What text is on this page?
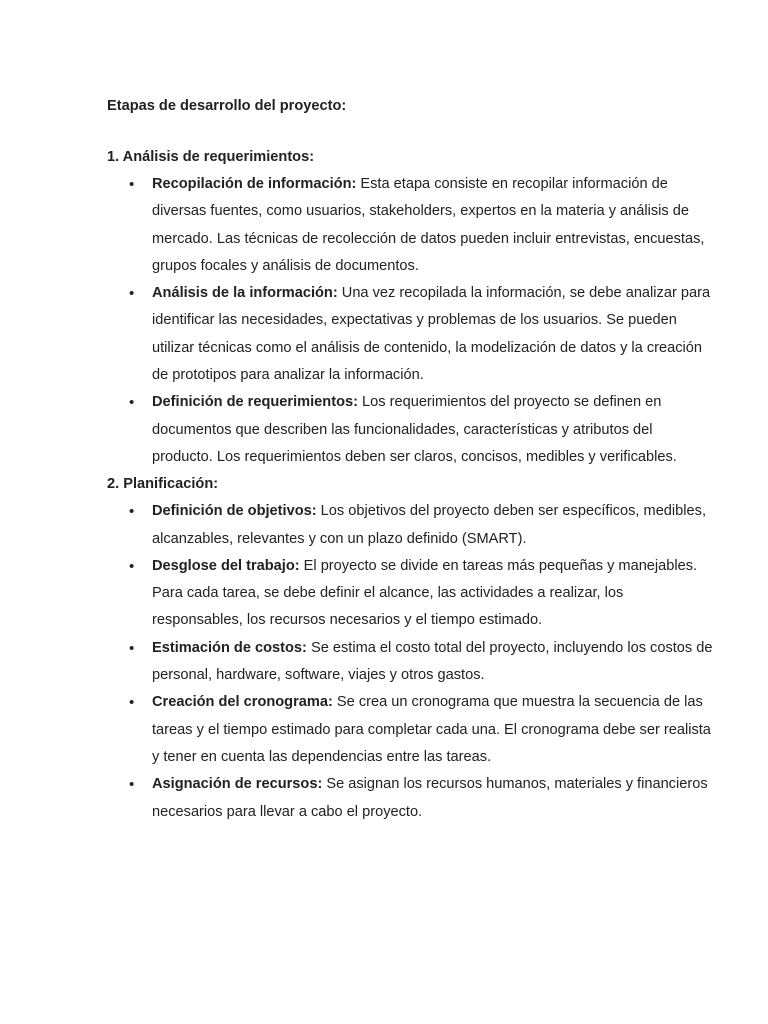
Etapas de desarrollo del proyecto:

1. Análisis de requerimientos:

• Recopilación de información: Esta etapa consiste en recopilar información de diversas fuentes, como usuarios, stakeholders, expertos en la materia y análisis de mercado. Las técnicas de recolección de datos pueden incluir entrevistas, encuestas, grupos focales y análisis de documentos.
• Análisis de la información: Una vez recopilada la información, se debe analizar para identificar las necesidades, expectativas y problemas de los usuarios. Se pueden utilizar técnicas como el análisis de contenido, la modelización de datos y la creación de prototipos para analizar la información.
• Definición de requerimientos: Los requerimientos del proyecto se definen en documentos que describen las funcionalidades, características y atributos del producto. Los requerimientos deben ser claros, concisos, medibles y verificables.

2. Planificación:

• Definición de objetivos: Los objetivos del proyecto deben ser específicos, medibles, alcanzables, relevantes y con un plazo definido (SMART).
• Desglose del trabajo: El proyecto se divide en tareas más pequeñas y manejables. Para cada tarea, se debe definir el alcance, las actividades a realizar, los responsables, los recursos necesarios y el tiempo estimado.
• Estimación de costos: Se estima el costo total del proyecto, incluyendo los costos de personal, hardware, software, viajes y otros gastos.
• Creación del cronograma: Se crea un cronograma que muestra la secuencia de las tareas y el tiempo estimado para completar cada una. El cronograma debe ser realista y tener en cuenta las dependencias entre las tareas.
• Asignación de recursos: Se asignan los recursos humanos, materiales y financieros necesarios para llevar a cabo el proyecto.
